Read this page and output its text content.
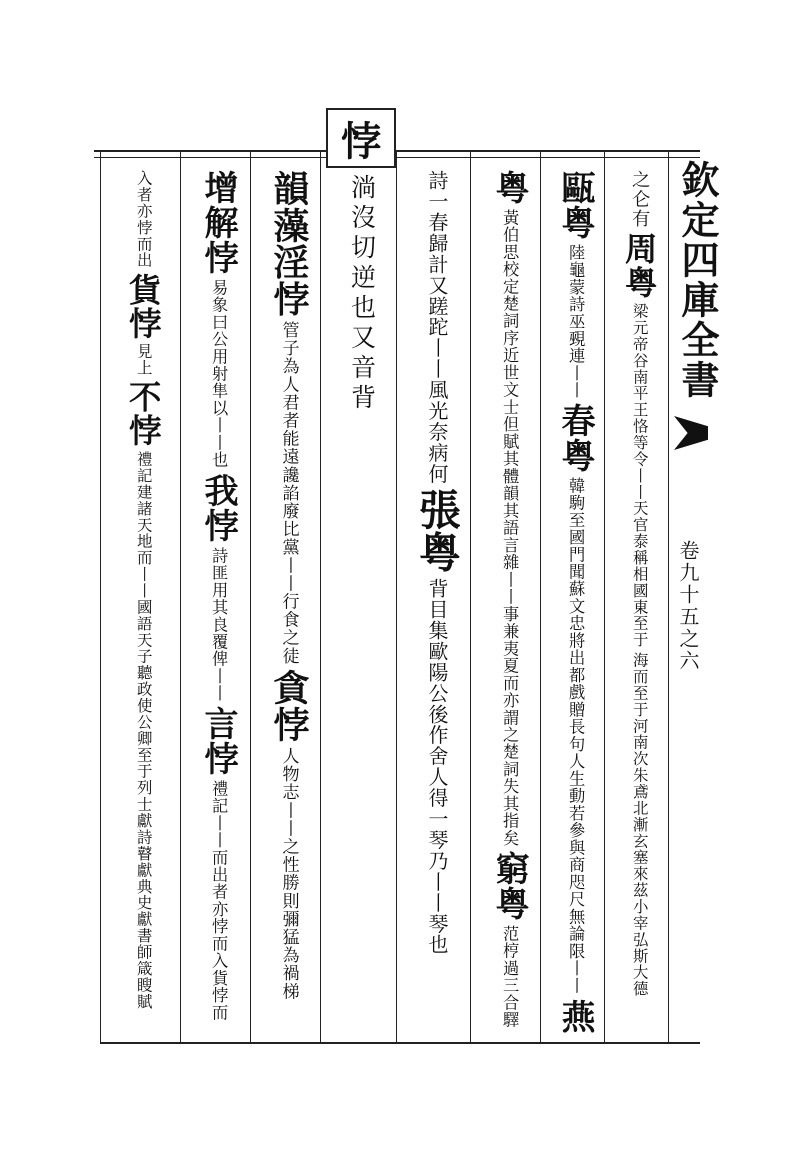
欽定四庫全書
卷九十五之六
悖
之仑有
周粤
梁元帝谷南平王恪等令丨丨天官泰稱相國東至于
海而至于河南次朱鳶北漸玄塞來茲小宰弘斯大德
甌粤
陸龜蒙詩巫覡連丨丨
春粤
韓駒至國門聞蘇文忠將出都戲贈長句人生動若參與商咫尺無論限丨丨
燕
粤
黃伯思校定楚詞序近世文士但賦其體韻其語言雜丨丨事兼夷夏而亦謂之楚詞失其指矣
窮粤
范梈過三合驛
詩一春歸計又蹉跎丨丨風光奈病何
張粤
背目集歐陽公後作舍人得一琴乃丨丨琴也
淌沒切逆也又音背
韻藻淫悖
管子為人君者能遠讒諂廢比黨丨丨行食之徒
貪悖
人物志丨丨之性勝則彌猛為禍梯
增解悖
易象曰公用射隼以丨丨也
我悖
詩匪用其良覆俾丨丨
言悖
禮記丨丨而出者亦悖而入貨悖而
入者亦悖而出
貨悖
見上
不悖
禮記建諸天地而丨丨國語天子聽政使公卿至于列士獻詩瞽獻典史獻書師箴瞍賦
